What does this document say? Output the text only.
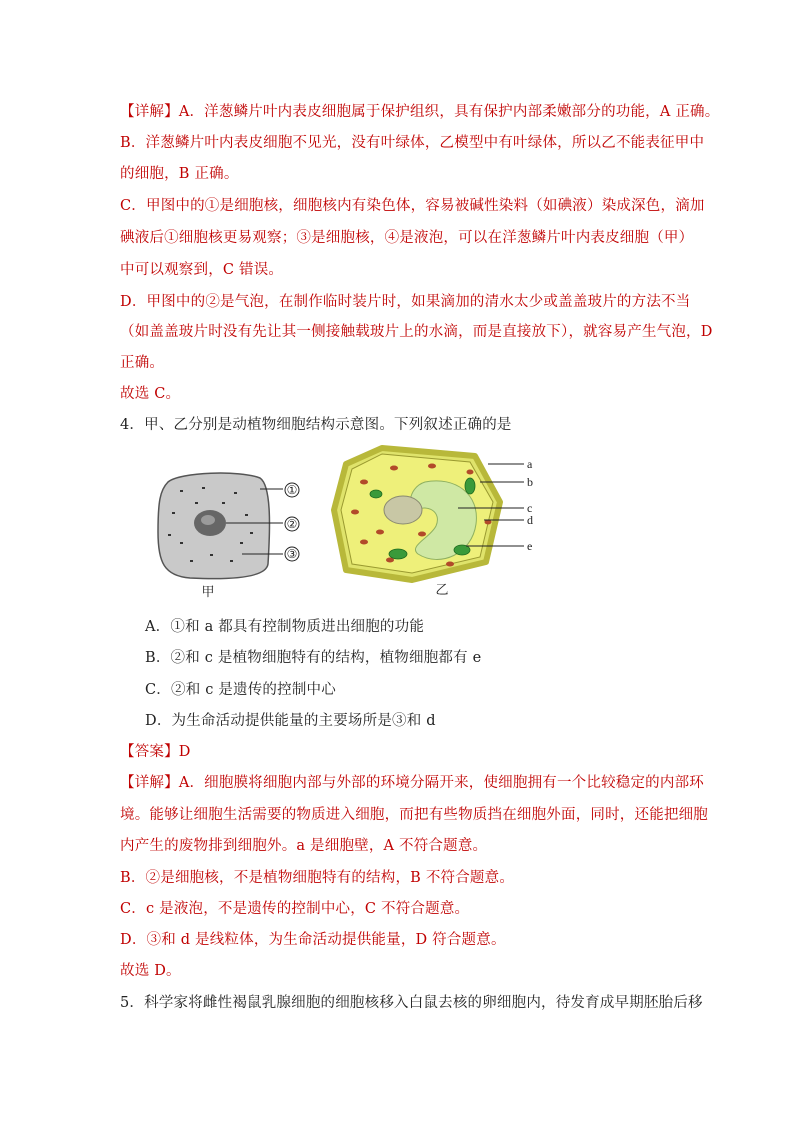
【详解】A．洋葱鳞片叶内表皮细胞属于保护组织，具有保护内部柔嫩部分的功能，A 正确。
B．洋葱鳞片叶内表皮细胞不见光，没有叶绿体，乙模型中有叶绿体，所以乙不能表征甲中
的细胞，B 正确。
C．甲图中的①是细胞核，细胞核内有染色体，容易被碱性染料（如碘液）染成深色，滴加
碘液后①细胞核更易观察；③是细胞核，④是液泡，可以在洋葱鳞片叶内表皮细胞（甲）
中可以观察到，C 错误。
D．甲图中的②是气泡，在制作临时装片时，如果滴加的清水太少或盖盖玻片的方法不当
（如盖盖玻片时没有先让其一侧接触载玻片上的水滴，而是直接放下），就容易产生气泡，D
正确。
故选 C。
4．甲、乙分别是动植物细胞结构示意图。下列叙述正确的是
①
②
③
甲
a
b
c
d
e
乙
A．①和 a 都具有控制物质进出细胞的功能
B．②和 c 是植物细胞特有的结构，植物细胞都有 e
C．②和 c 是遗传的控制中心
D．为生命活动提供能量的主要场所是③和 d
【答案】D
【详解】A．细胞膜将细胞内部与外部的环境分隔开来，使细胞拥有一个比较稳定的内部环
境。能够让细胞生活需要的物质进入细胞，而把有些物质挡在细胞外面，同时，还能把细胞
内产生的废物排到细胞外。a 是细胞壁，A 不符合题意。
B．②是细胞核，不是植物细胞特有的结构，B 不符合题意。
C．c 是液泡，不是遗传的控制中心，C 不符合题意。
D．③和 d 是线粒体，为生命活动提供能量，D 符合题意。
故选 D。
5．科学家将雌性褐鼠乳腺细胞的细胞核移入白鼠去核的卵细胞内，待发育成早期胚胎后移
